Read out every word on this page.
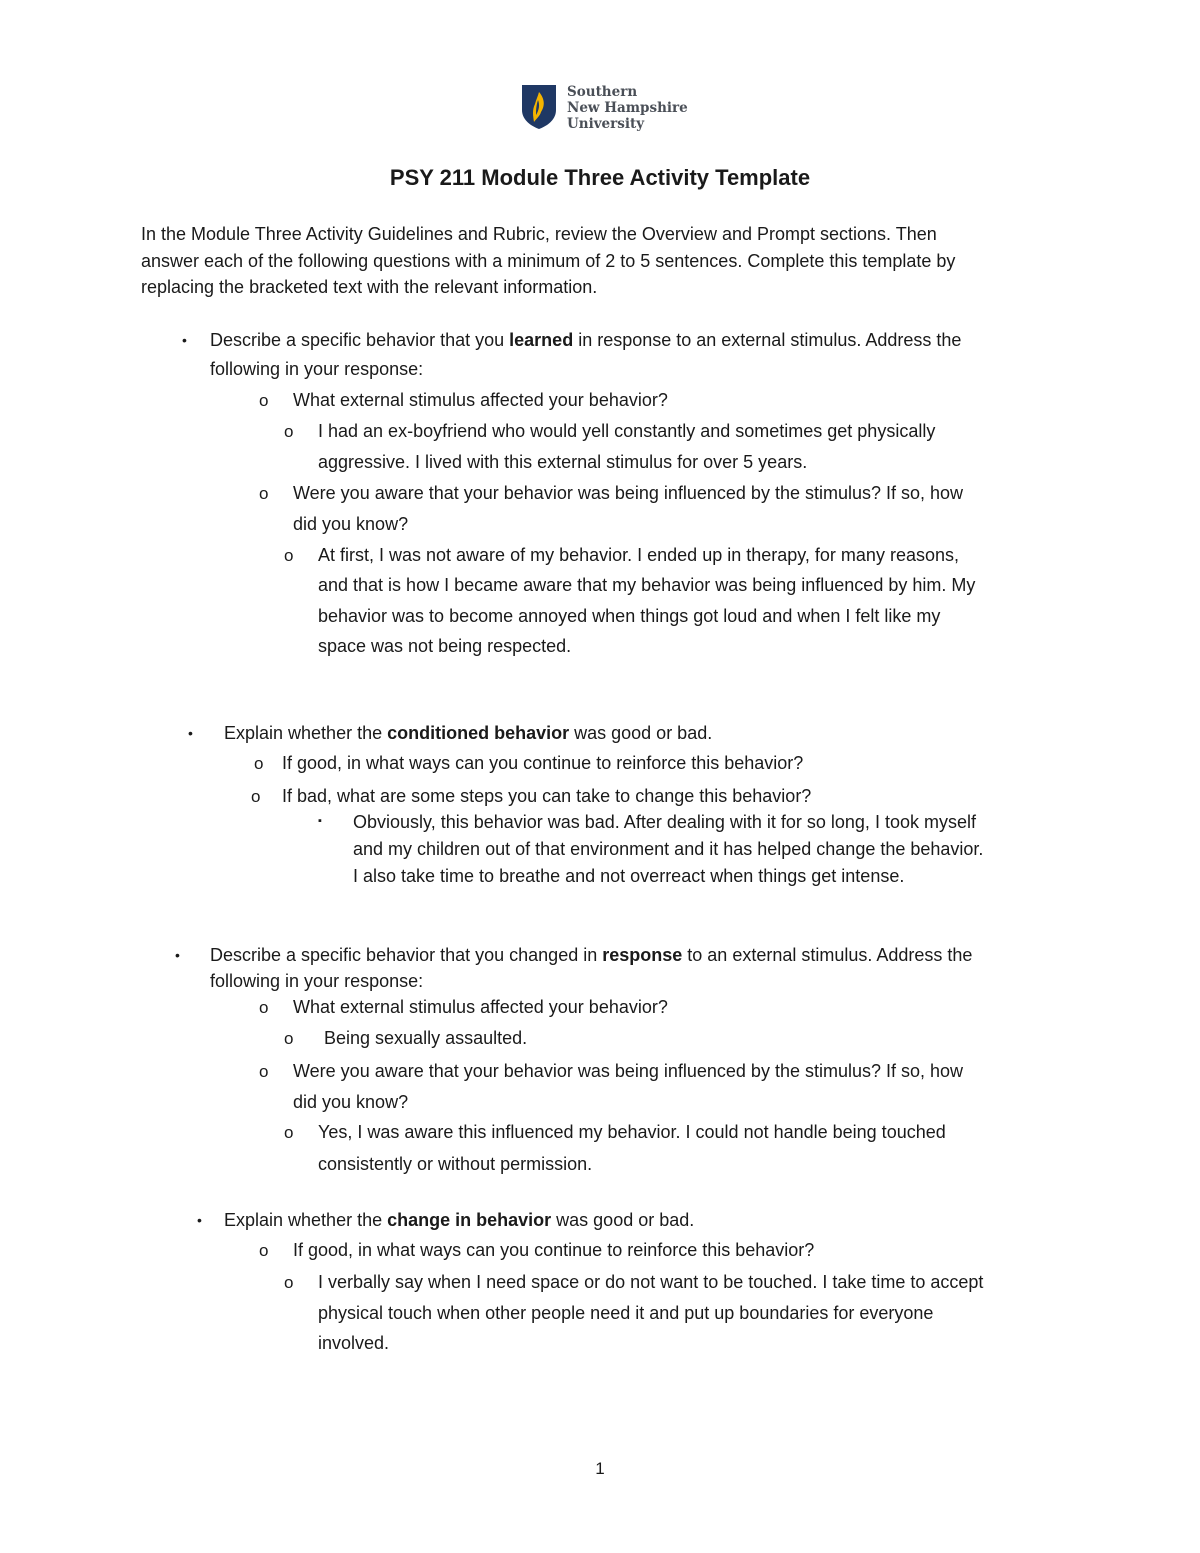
Southern
New Hampshire
University
PSY 211 Module Three Activity Template
In the Module Three Activity Guidelines and Rubric, review the Overview and Prompt sections. Then
answer each of the following questions with a minimum of 2 to 5 sentences. Complete this template by
replacing the bracketed text with the relevant information.
• Describe a specific behavior that you learned in response to an external stimulus. Address the
following in your response:
o What external stimulus affected your behavior?
o I had an ex-boyfriend who would yell constantly and sometimes get physically
aggressive. I lived with this external stimulus for over 5 years.
o Were you aware that your behavior was being influenced by the stimulus? If so, how
did you know?
o At first, I was not aware of my behavior. I ended up in therapy, for many reasons,
and that is how I became aware that my behavior was being influenced by him. My
behavior was to become annoyed when things got loud and when I felt like my
space was not being respected.
• Explain whether the conditioned behavior was good or bad.
o If good, in what ways can you continue to reinforce this behavior?
o If bad, what are some steps you can take to change this behavior?
▪ Obviously, this behavior was bad. After dealing with it for so long, I took myself
and my children out of that environment and it has helped change the behavior.
I also take time to breathe and not overreact when things get intense.
• Describe a specific behavior that you changed in response to an external stimulus. Address the
following in your response:
o What external stimulus affected your behavior?
o Being sexually assaulted.
o Were you aware that your behavior was being influenced by the stimulus? If so, how
did you know?
o Yes, I was aware this influenced my behavior. I could not handle being touched
consistently or without permission.
• Explain whether the change in behavior was good or bad.
o If good, in what ways can you continue to reinforce this behavior?
o I verbally say when I need space or do not want to be touched. I take time to accept
physical touch when other people need it and put up boundaries for everyone
involved.
1
